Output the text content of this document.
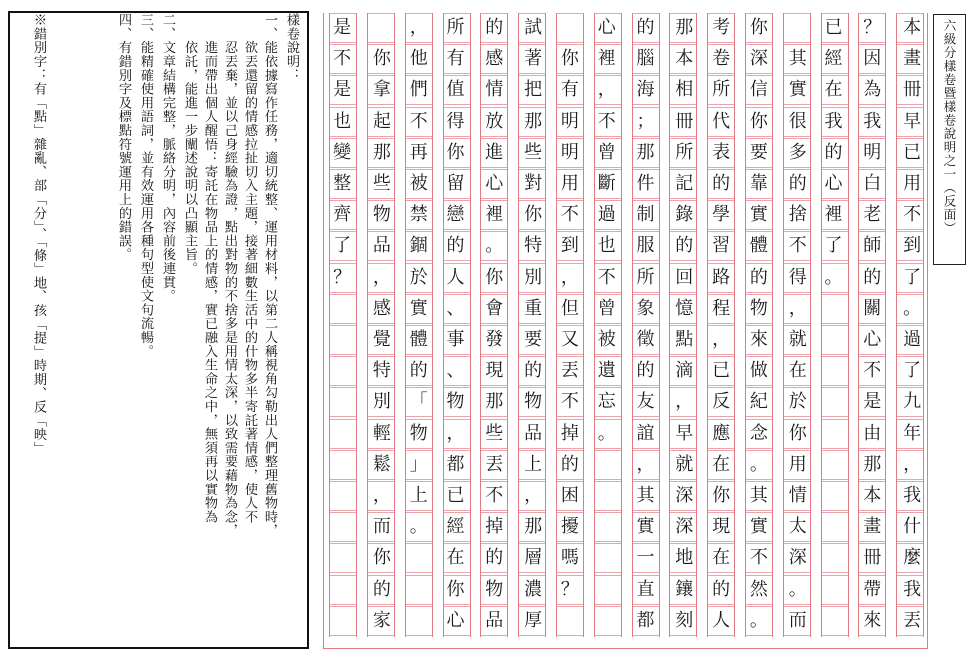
六級分樣卷暨樣卷說明之一（反面）
本
畫
冊
早
已
用
不
到
了
。
過
了
九
年
，
我
什
麼
我
丟
？
因
為
我
明
白
老
師
的
關
心
不
是
由
那
本
畫
冊
帶
來
已
經
在
我
的
心
裡
了
。
其
實
很
多
的
捨
不
得
，
就
在
於
你
用
情
太
深
。
而
你
深
信
你
要
靠
實
體
的
物
來
做
紀
念
。
其
實
不
然
。
考
卷
所
代
表
的
學
習
路
程
，
已
反
應
在
你
現
在
的
人
那
本
相
冊
所
記
錄
的
回
憶
點
滴
，
早
就
深
深
地
鑲
刻
的
腦
海
；
那
件
制
服
所
象
徵
的
友
誼
，
其
實
一
直
都
心
裡
，
不
曾
斷
過
也
不
曾
被
遺
忘
。
你
有
明
明
用
不
到
，
但
又
丟
不
掉
的
困
擾
嗎
？
試
著
把
那
些
對
你
特
別
重
要
的
物
品
上
，
那
層
濃
厚
的
感
情
放
進
心
裡
。
你
會
發
現
那
些
丟
不
掉
的
物
品
所
有
值
得
你
留
戀
的
人
、
事
、
物
，
都
已
經
在
你
心
，
他
們
不
再
被
禁
錮
於
實
體
的
「
物
」
上
。
你
拿
起
那
些
物
品
，
感
覺
特
別
輕
鬆
，
而
你
的
家
是
不
是
也
變
整
齊
了
？
樣卷說明：
一、能依據寫作任務，適切統整、運用材料，以第二人稱視角勾勒出人們整理舊物時，
　　欲丟還留的情感拉扯切入主題，接著細數生活中的什物多半寄託著情感，使人不
　　忍丟棄，並以己身經驗為證，點出對物的不捨多是用情太深，以致需要藉物為念，
　　進而帶出個人醒悟：寄託在物品上的情感，實已融入生命之中，無須再以實物為
　　依託，能進一步闡述說明以凸顯主旨。
二、文章結構完整，脈絡分明，內容前後連貫。
三、能精確使用語詞，並有效運用各種句型使文句流暢。
四、有錯別字及標點符號運用上的錯誤。
※錯別字：有「點」雜亂、部「分」、「條」地、孩「提」時期、反「映」
